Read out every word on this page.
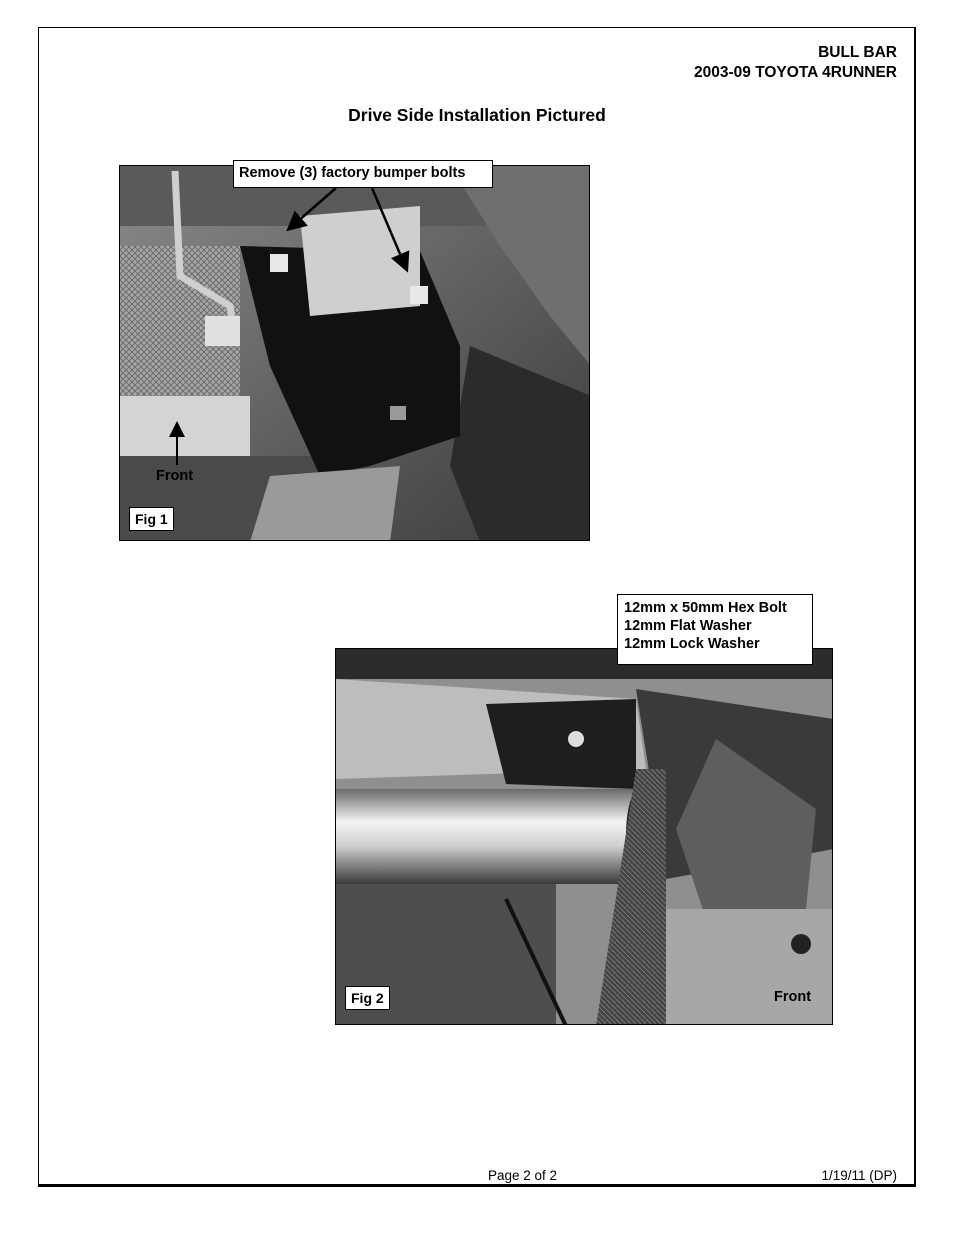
BULL BAR
2003-09 TOYOTA 4RUNNER
Drive Side Installation Pictured
Remove (3) factory bumper bolts
Front
Fig 1
12mm x 50mm Hex Bolt
12mm Flat Washer
12mm Lock Washer
Front
Fig 2
Page 2 of 2	1/19/11 (DP)
